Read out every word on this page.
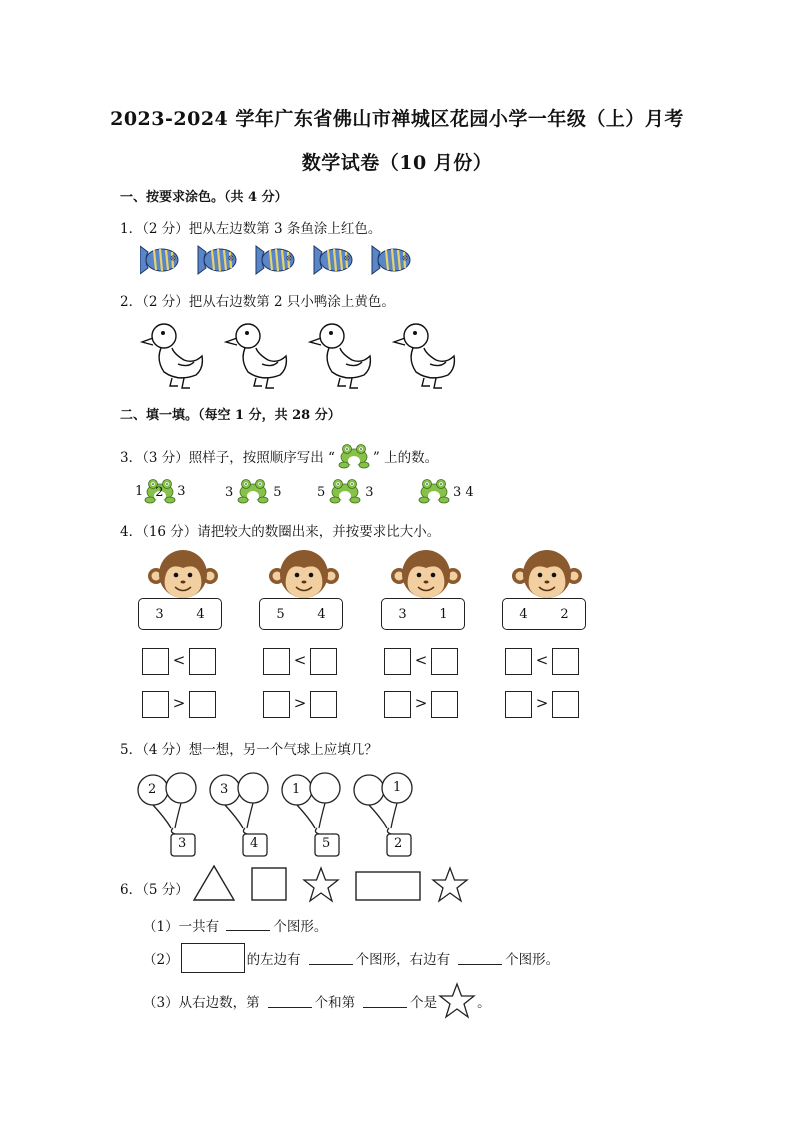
2023-2024 学年广东省佛山市禅城区花园小学一年级（上）月考
数学试卷（10 月份）
一、按要求涂色。（共 4 分）
1．（2 分）把从左边数第 3 条鱼涂上红色。
2．（2 分）把从右边数第 2 只小鸭涂上黄色。
二、填一填。（每空 1 分，共 28 分）
3．（3 分）照样子，按照顺序写出 “	” 上的数。
1 2 3	3	5	5	3	3 4
4．（16 分）请把较大的数圈出来，并按要求比大小。
3	4
<
>
5	4
<
>
3	1
<
>
4	2
<
>
5．（4 分）想一想，另一个气球上应填几？
2
3
3
4
1
5
1
2
6．（5 分）
（1）一共有	个图形。
（2）	的左边有	个图形，右边有	个图形。
（3）从右边数，第	个和第	个是	。
